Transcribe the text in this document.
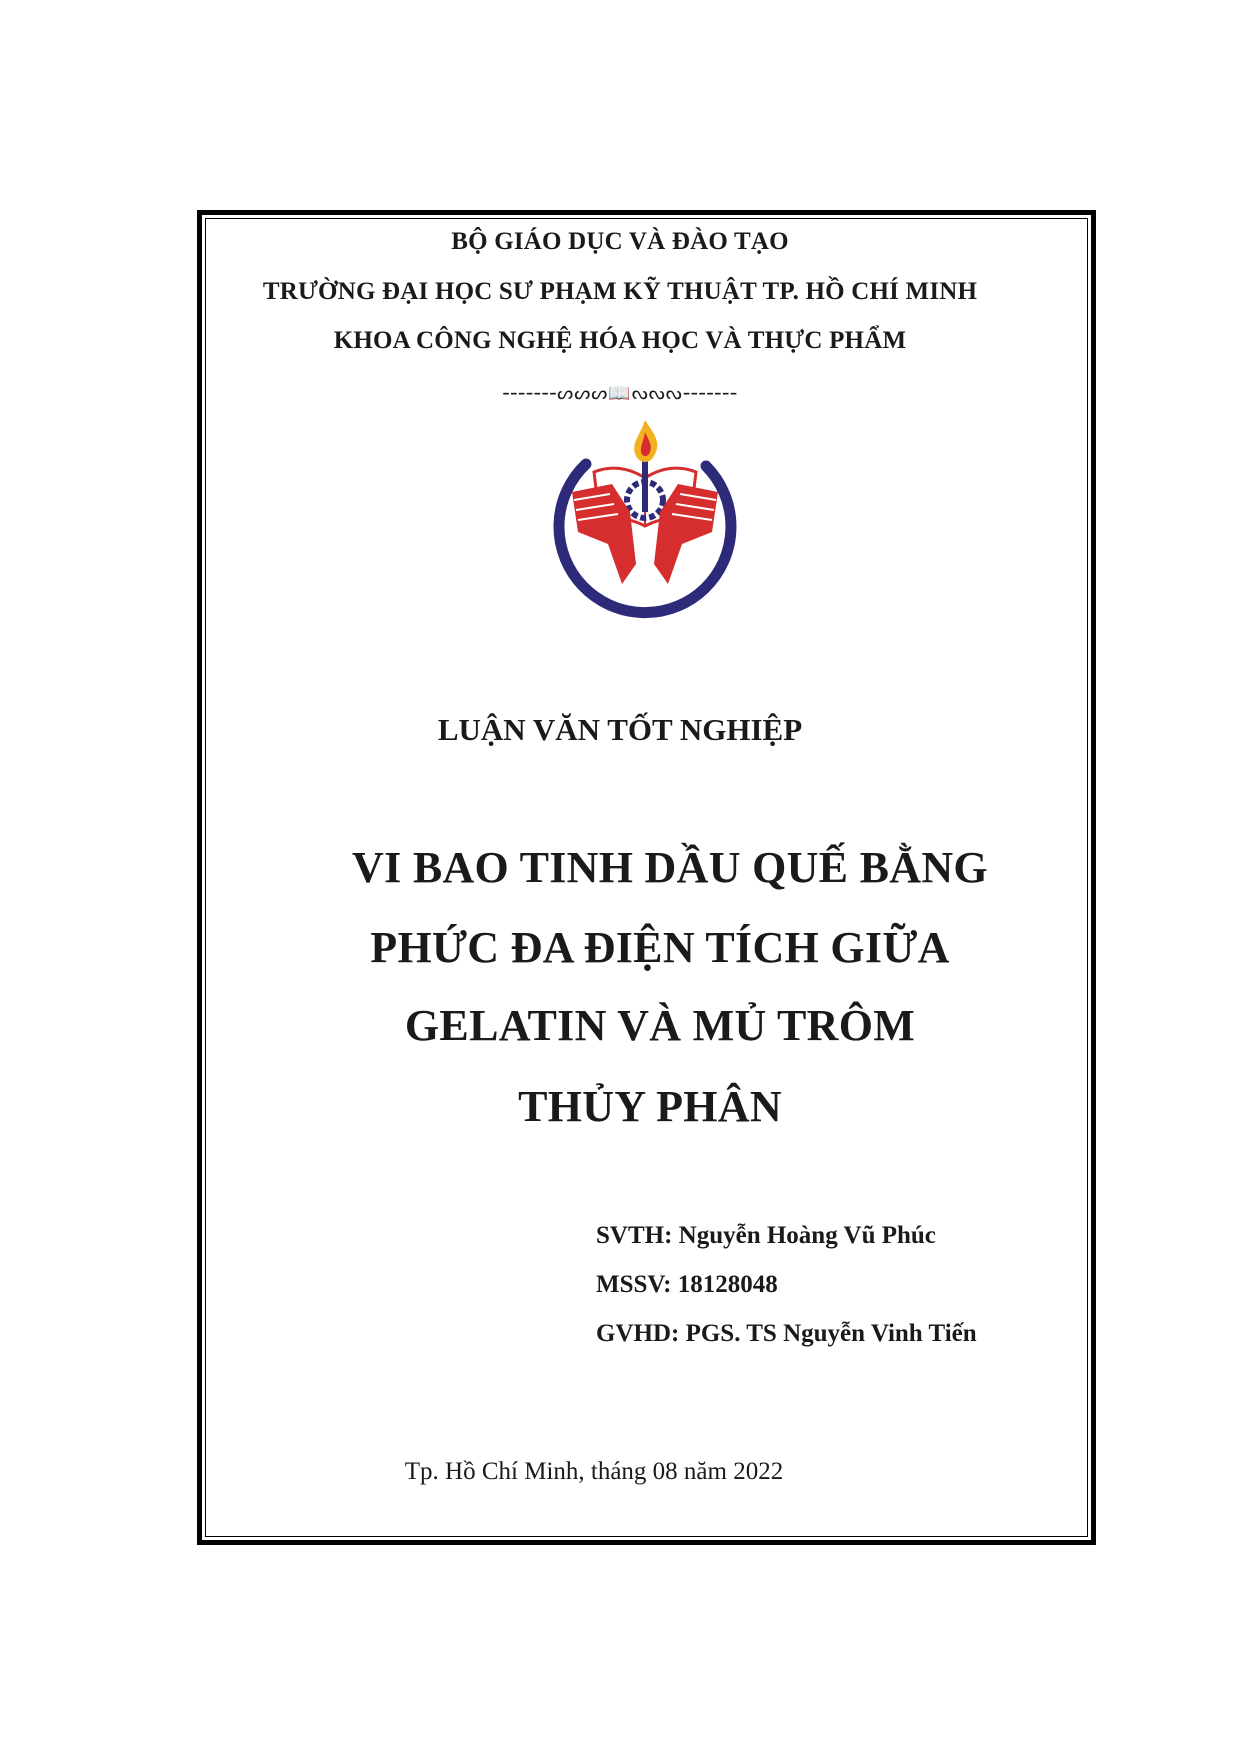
BỘ GIÁO DỤC VÀ ĐÀO TẠO
TRƯỜNG ĐẠI HỌC SƯ PHẠM KỸ THUẬT TP. HỒ CHÍ MINH
KHOA CÔNG NGHỆ HÓA HỌC VÀ THỰC PHẨM
-------ᔕᔕᔕ📖ᔓᔓᔓ-------
LUẬN VĂN TỐT NGHIỆP
VI BAO TINH DẦU QUẾ BẰNG
PHỨC ĐA ĐIỆN TÍCH GIỮA
GELATIN VÀ MỦ TRÔM
THỦY PHÂN
SVTH: Nguyễn Hoàng Vũ Phúc
MSSV: 18128048
GVHD: PGS. TS Nguyễn Vinh Tiến
Tp. Hồ Chí Minh, tháng 08 năm 2022
